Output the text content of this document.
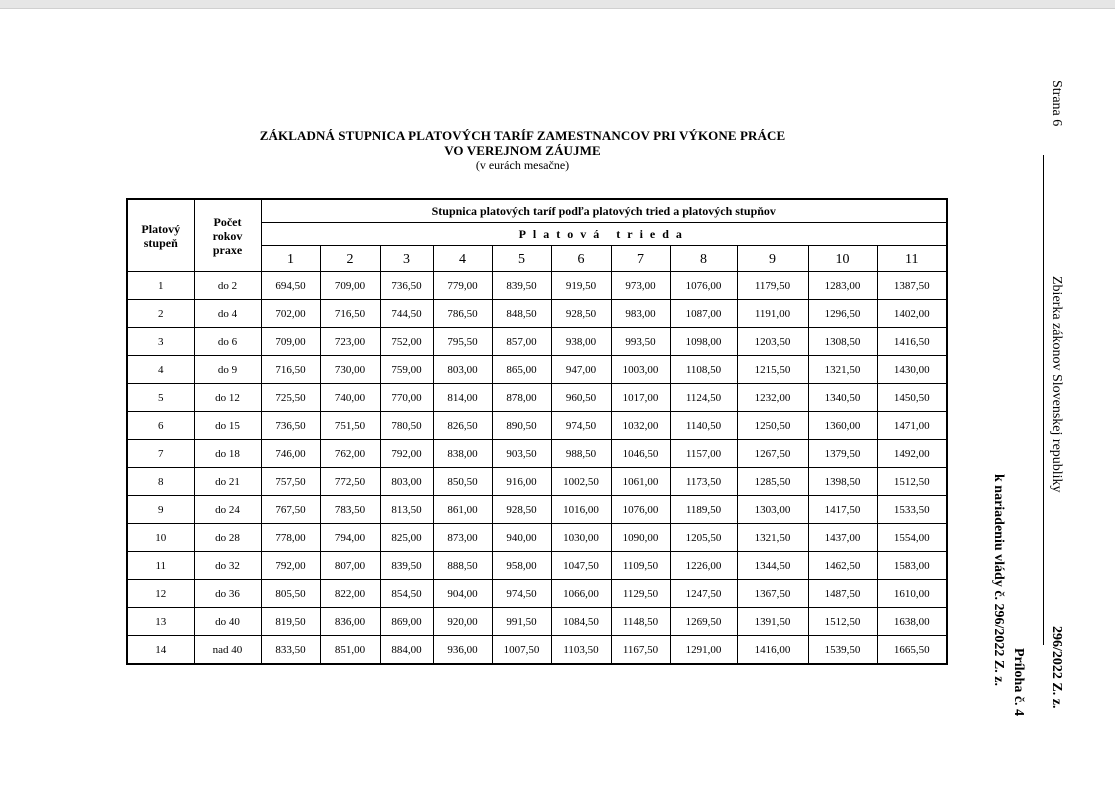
ZÁKLADNÁ STUPNICA PLATOVÝCH TARÍF ZAMESTNANCOV PRI VÝKONE PRÁCE
VO VEREJNOM ZÁUJME
(v eurách mesačne)
Platový stupeň	Počet rokov praxe	Stupnica platových taríf podľa platových tried a platových stupňov										
		Platová trieda										
		1	2	3	4	5	6	7	8	9	10	11
1	do 2	694,50	709,00	736,50	779,00	839,50	919,50	973,00	1076,00	1179,50	1283,00	1387,50
2	do 4	702,00	716,50	744,50	786,50	848,50	928,50	983,00	1087,00	1191,00	1296,50	1402,00
3	do 6	709,00	723,00	752,00	795,50	857,00	938,00	993,50	1098,00	1203,50	1308,50	1416,50
4	do 9	716,50	730,00	759,00	803,00	865,00	947,00	1003,00	1108,50	1215,50	1321,50	1430,00
5	do 12	725,50	740,00	770,00	814,00	878,00	960,50	1017,00	1124,50	1232,00	1340,50	1450,50
6	do 15	736,50	751,50	780,50	826,50	890,50	974,50	1032,00	1140,50	1250,50	1360,00	1471,00
7	do 18	746,00	762,00	792,00	838,00	903,50	988,50	1046,50	1157,00	1267,50	1379,50	1492,00
8	do 21	757,50	772,50	803,00	850,50	916,00	1002,50	1061,00	1173,50	1285,50	1398,50	1512,50
9	do 24	767,50	783,50	813,50	861,00	928,50	1016,00	1076,00	1189,50	1303,00	1417,50	1533,50
10	do 28	778,00	794,00	825,00	873,00	940,00	1030,00	1090,00	1205,50	1321,50	1437,00	1554,00
11	do 32	792,00	807,00	839,50	888,50	958,00	1047,50	1109,50	1226,00	1344,50	1462,50	1583,00
12	do 36	805,50	822,00	854,50	904,00	974,50	1066,00	1129,50	1247,50	1367,50	1487,50	1610,00
13	do 40	819,50	836,00	869,00	920,00	991,50	1084,50	1148,50	1269,50	1391,50	1512,50	1638,00
14	nad 40	833,50	851,00	884,00	936,00	1007,50	1103,50	1167,50	1291,00	1416,00	1539,50	1665,50
Strana 6
Zbierka zákonov Slovenskej republiky
296/2022 Z. z.
Príloha č. 4
k nariadeniu vlády č. 296/2022 Z. z.
